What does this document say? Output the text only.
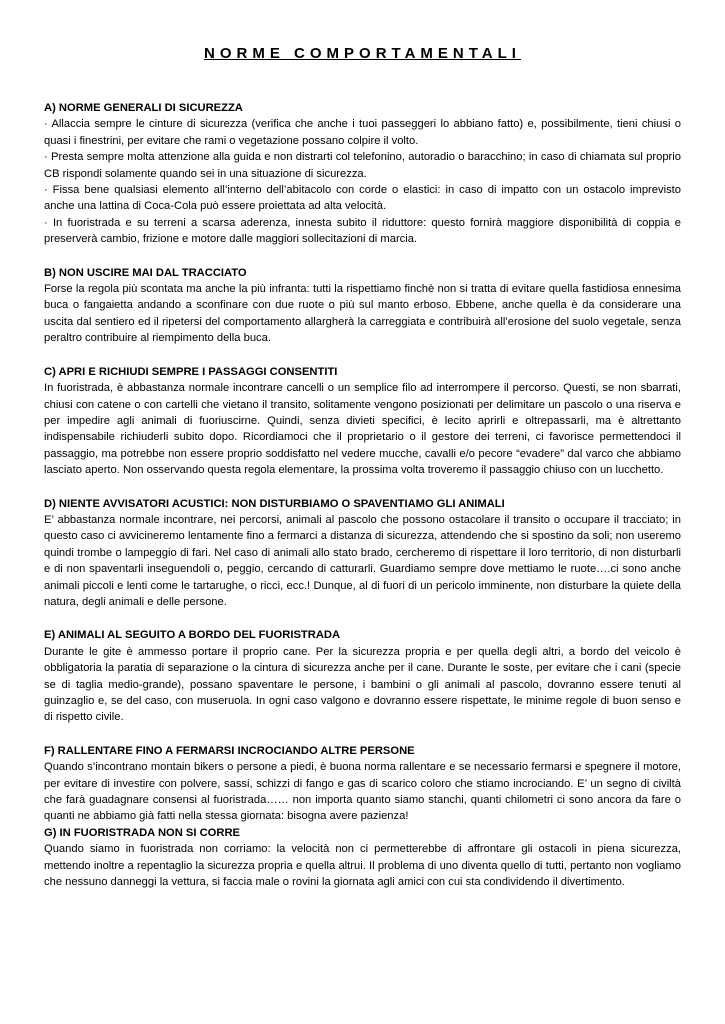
NORME COMPORTAMENTALI

A) NORME GENERALI DI SICUREZZA

· Allaccia sempre le cinture di sicurezza (verifica che anche i tuoi passeggeri lo abbiano fatto) e, possibilmente, tieni chiusi o quasi i finestrini, per evitare che rami o vegetazione possano colpire il volto.

· Presta sempre molta attenzione alla guida e non distrarti col telefonino, autoradio o baracchino; in caso di chiamata sul proprio CB rispondi solamente quando sei in una situazione di sicurezza.

· Fissa bene qualsiasi elemento all’interno dell’abitacolo con corde o elastici: in caso di impatto con un ostacolo imprevisto anche una lattina di Coca-Cola può essere proiettata ad alta velocità.

· In fuoristrada e su terreni a scarsa aderenza, innesta subito il riduttore: questo fornirà maggiore disponibilità di coppia e preserverà cambio, frizione e motore dalle maggiori sollecitazioni di marcia.

B) NON USCIRE MAI DAL TRACCIATO

Forse la regola più scontata ma anche la più infranta: tutti la rispettiamo finchè non si tratta di evitare quella fastidiosa ennesima buca o fangaietta andando a sconfinare con due ruote o più sul manto erboso. Ebbene, anche quella è da considerare una uscita dal sentiero ed il ripetersi del comportamento allargherà la carreggiata e contribuirà all’erosione del suolo vegetale, senza peraltro contribuire al riempimento della buca.

C) APRI E RICHIUDI SEMPRE I PASSAGGI CONSENTITI

In fuoristrada, è abbastanza normale incontrare cancelli o un semplice filo ad interrompere il percorso. Questi, se non sbarrati, chiusi con catene o con cartelli che vietano il transito, solitamente vengono posizionati per delimitare un pascolo o una riserva e per impedire agli animali di fuoriuscirne. Quindi, senza divieti specifici, è lecito aprirli e oltrepassarli, ma è altrettanto indispensabile richiuderli subito dopo. Ricordiamoci che il proprietario o il gestore dei terreni, ci favorisce permettendoci il passaggio, ma potrebbe non essere proprio soddisfatto nel vedere mucche, cavalli e/o pecore “evadere” dal varco che abbiamo lasciato aperto. Non osservando questa regola elementare, la prossima volta troveremo il passaggio chiuso con un lucchetto.

D) NIENTE AVVISATORI ACUSTICI: NON DISTURBIAMO O SPAVENTIAMO GLI ANIMALI

E’ abbastanza normale incontrare, nei percorsi, animali al pascolo che possono ostacolare il transito o occupare il tracciato; in questo caso ci avvicineremo lentamente fino a fermarci a distanza di sicurezza, attendendo che si spostino da soli; non useremo quindi trombe o lampeggio di fari. Nel caso di animali allo stato brado, cercheremo di rispettare il loro territorio, di non disturbarli e di non spaventarli inseguendoli o, peggio, cercando di catturarli. Guardiamo sempre dove mettiamo le ruote….ci sono anche animali piccoli e lenti come le tartarughe, o ricci, ecc.! Dunque, al di fuori di un pericolo imminente, non disturbare la quiete della natura, degli animali e delle persone.

E) ANIMALI AL SEGUITO A BORDO DEL FUORISTRADA

Durante le gite è ammesso portare il proprio cane. Per la sicurezza propria e per quella degli altri, a bordo del veicolo è obbligatoria la paratia di separazione o la cintura di sicurezza anche per il cane. Durante le soste, per evitare che i cani (specie se di taglia medio-grande), possano spaventare le persone, i bambini o gli animali al pascolo, dovranno essere tenuti al guinzaglio e, se del caso, con museruola. In ogni caso valgono e dovranno essere rispettate, le minime regole di buon senso e di rispetto civile.

F) RALLENTARE FINO A FERMARSI INCROCIANDO ALTRE PERSONE

Quando s’incontrano montain bikers o persone a piedi, è buona norma rallentare e se necessario fermarsi e spegnere il motore, per evitare di investire con polvere, sassi, schizzi di fango e gas di scarico coloro che stiamo incrociando. E’ un segno di civiltà che farà guadagnare consensi al fuoristrada…… non importa quanto siamo stanchi, quanti chilometri ci sono ancora da fare o quanti ne abbiamo già fatti nella stessa giornata: bisogna avere pazienza!

G) IN FUORISTRADA NON SI CORRE

Quando siamo in fuoristrada non corriamo: la velocità non ci permetterebbe di affrontare gli ostacoli in piena sicurezza, mettendo inoltre a repentaglio la sicurezza propria e quella altrui. Il problema di uno diventa quello di tutti, pertanto non vogliamo che nessuno danneggi la vettura, si faccia male o rovini la giornata agli amici con cui sta condividendo il divertimento.
